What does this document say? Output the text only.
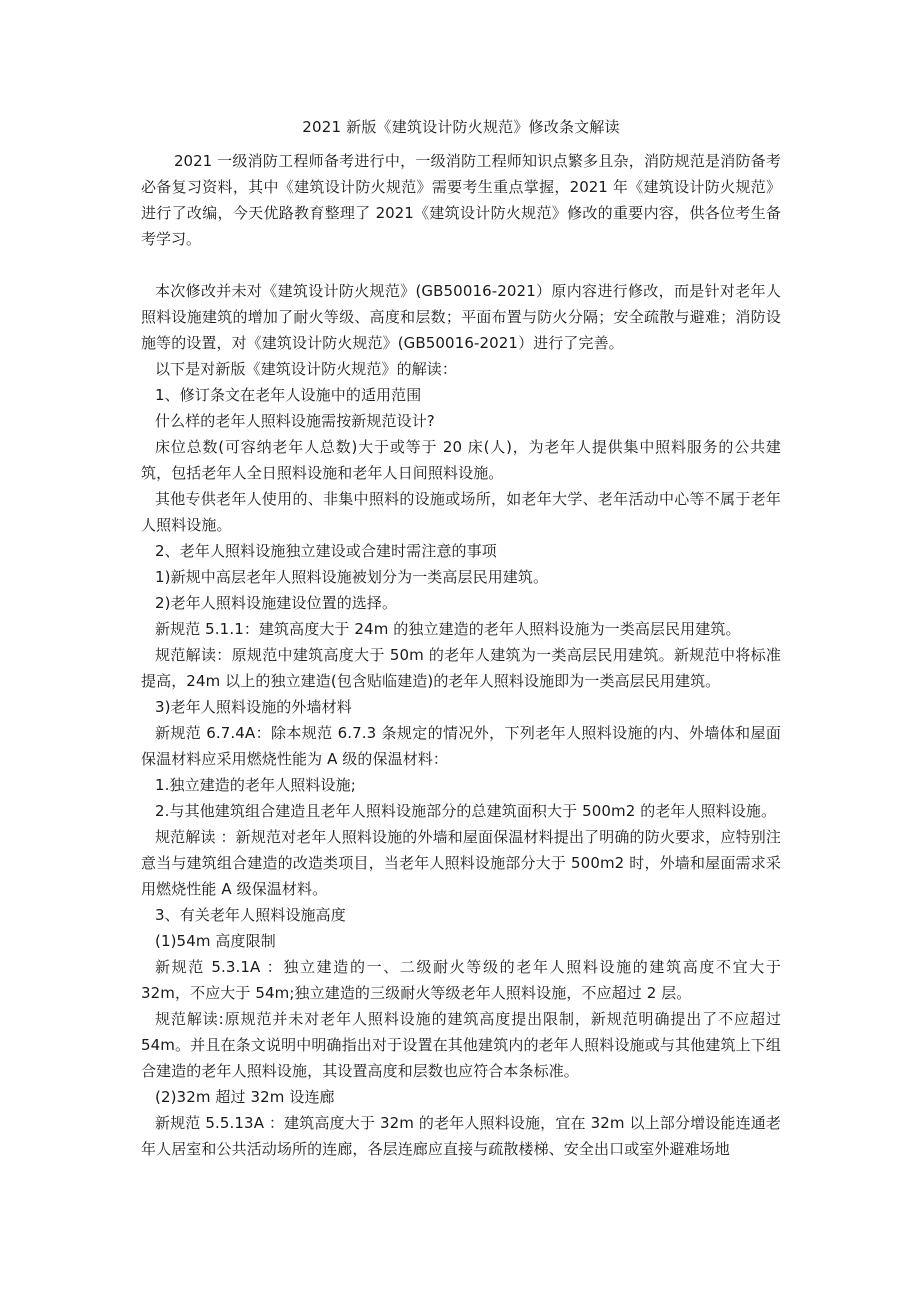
2021 新版《建筑设计防火规范》修改条文解读

2021 一级消防工程师备考进行中，一级消防工程师知识点繁多且杂，消防规范是消防备考必备复习资料，其中《建筑设计防火规范》需要考生重点掌握，2021 年《建筑设计防火规范》进行了改编，今天优路教育整理了 2021《建筑设计防火规范》修改的重要内容，供各位考生备考学习。

本次修改并未对《建筑设计防火规范》(GB50016-2021）原内容进行修改，而是针对老年人照料设施建筑的增加了耐火等级、高度和层数；平面布置与防火分隔；安全疏散与避难；消防设施等的设置，对《建筑设计防火规范》(GB50016-2021）进行了完善。

以下是对新版《建筑设计防火规范》的解读：

1、修订条文在老年人设施中的适用范围

什么样的老年人照料设施需按新规范设计?

床位总数(可容纳老年人总数)大于或等于 20 床(人)，为老年人提供集中照料服务的公共建筑，包括老年人全日照料设施和老年人日间照料设施。

其他专供老年人使用的、非集中照料的设施或场所，如老年大学、老年活动中心等不属于老年人照料设施。

2、老年人照料设施独立建设或合建时需注意的事项

1)新规中高层老年人照料设施被划分为一类高层民用建筑。

2)老年人照料设施建设位置的选择。

新规范 5.1.1：建筑高度大于 24m 的独立建造的老年人照料设施为一类高层民用建筑。

规范解读：原规范中建筑高度大于 50m 的老年人建筑为一类高层民用建筑。新规范中将标准提高，24m 以上的独立建造(包含贴临建造)的老年人照料设施即为一类高层民用建筑。

3)老年人照料设施的外墙材料

新规范 6.7.4A：除本规范 6.7.3 条规定的情况外，下列老年人照料设施的内、外墙体和屋面保温材料应采用燃烧性能为 A 级的保温材料：

1.独立建造的老年人照料设施;

2.与其他建筑组合建造且老年人照料设施部分的总建筑面积大于 500m2 的老年人照料设施。

规范解读 ：新规范对老年人照料设施的外墙和屋面保温材料提出了明确的防火要求，应特别注意当与建筑组合建造的改造类项目，当老年人照料设施部分大于 500m2 时，外墙和屋面需求采用燃烧性能 A 级保温材料。

3、有关老年人照料设施高度

(1)54m 高度限制

新规范 5.3.1A ：独立建造的一、二级耐火等级的老年人照料设施的建筑高度不宜大于 32m，不应大于 54m;独立建造的三级耐火等级老年人照料设施，不应超过 2 层。

规范解读:原规范并未对老年人照料设施的建筑高度提出限制，新规范明确提出了不应超过 54m。并且在条文说明中明确指出对于设置在其他建筑内的老年人照料设施或与其他建筑上下组合建造的老年人照料设施，其设置高度和层数也应符合本条标准。

(2)32m 超过 32m 设连廊

新规范 5.5.13A ：建筑高度大于 32m 的老年人照料设施，宜在 32m 以上部分增设能连通老年人居室和公共活动场所的连廊，各层连廊应直接与疏散楼梯、安全出口或室外避难场地
